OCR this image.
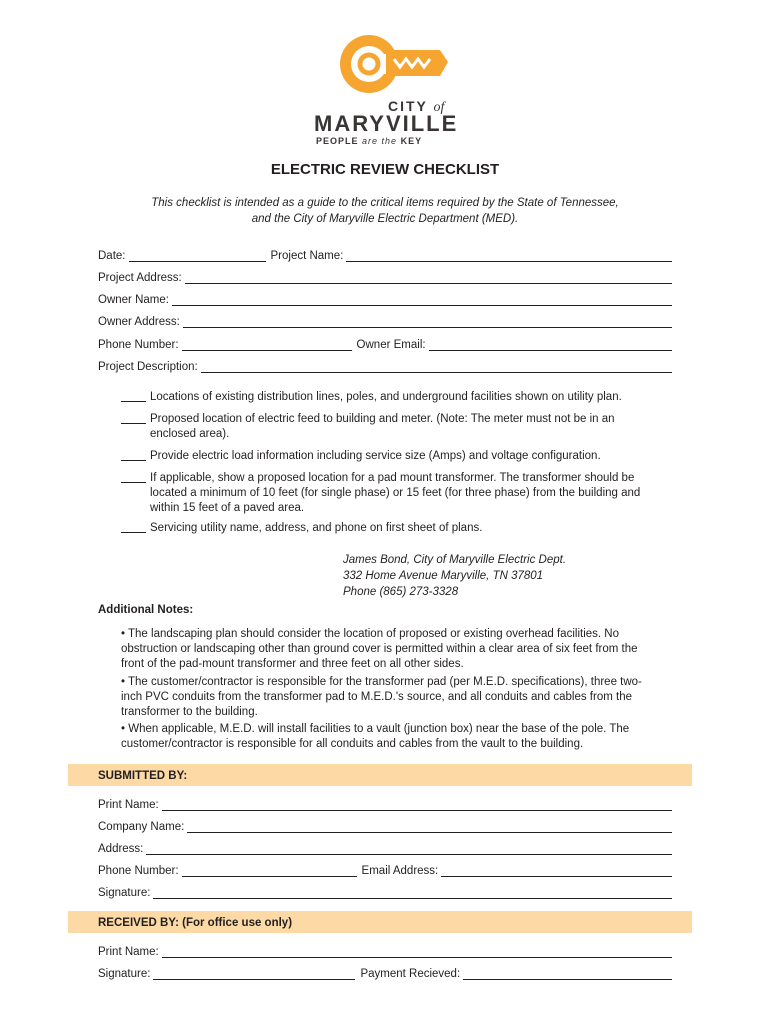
CITY of
MARYVILLE
PEOPLE are the KEY
ELECTRIC REVIEW CHECKLIST
This checklist is intended as a guide to the critical items required by the State of Tennessee, and the City of Maryville Electric Department (MED).
Date:	Project Name:
Project Address:
Owner Name:
Owner Address:
Phone Number:	Owner Email:
Project Description:
Locations of existing distribution lines, poles, and underground facilities shown on utility plan.
Proposed location of electric feed to building and meter. (Note: The meter must not be in an enclosed area).
Provide electric load information including service size (Amps) and voltage configuration.
If applicable, show a proposed location for a pad mount transformer. The transformer should be located a minimum of 10 feet (for single phase) or 15 feet (for three phase) from the building and within 15 feet of a paved area.
Servicing utility name, address, and phone on first sheet of plans.
James Bond, City of Maryville Electric Dept.
332 Home Avenue Maryville, TN 37801
Phone (865) 273-3328
Additional Notes:
• The landscaping plan should consider the location of proposed or existing overhead facilities. No obstruction or landscaping other than ground cover is permitted within a clear area of six feet from the front of the pad-mount transformer and three feet on all other sides.
• The customer/contractor is responsible for the transformer pad (per M.E.D. specifications), three two-inch PVC conduits from the transformer pad to M.E.D.'s source, and all conduits and cables from the transformer to the building.
• When applicable, M.E.D. will install facilities to a vault (junction box) near the base of the pole. The customer/contractor is responsible for all conduits and cables from the vault to the building.
SUBMITTED BY:
Print Name:
Company Name:
Address:
Phone Number:	Email Address:
Signature:
RECEIVED BY: (For office use only)
Print Name:
Signature:	Payment Recieved:
